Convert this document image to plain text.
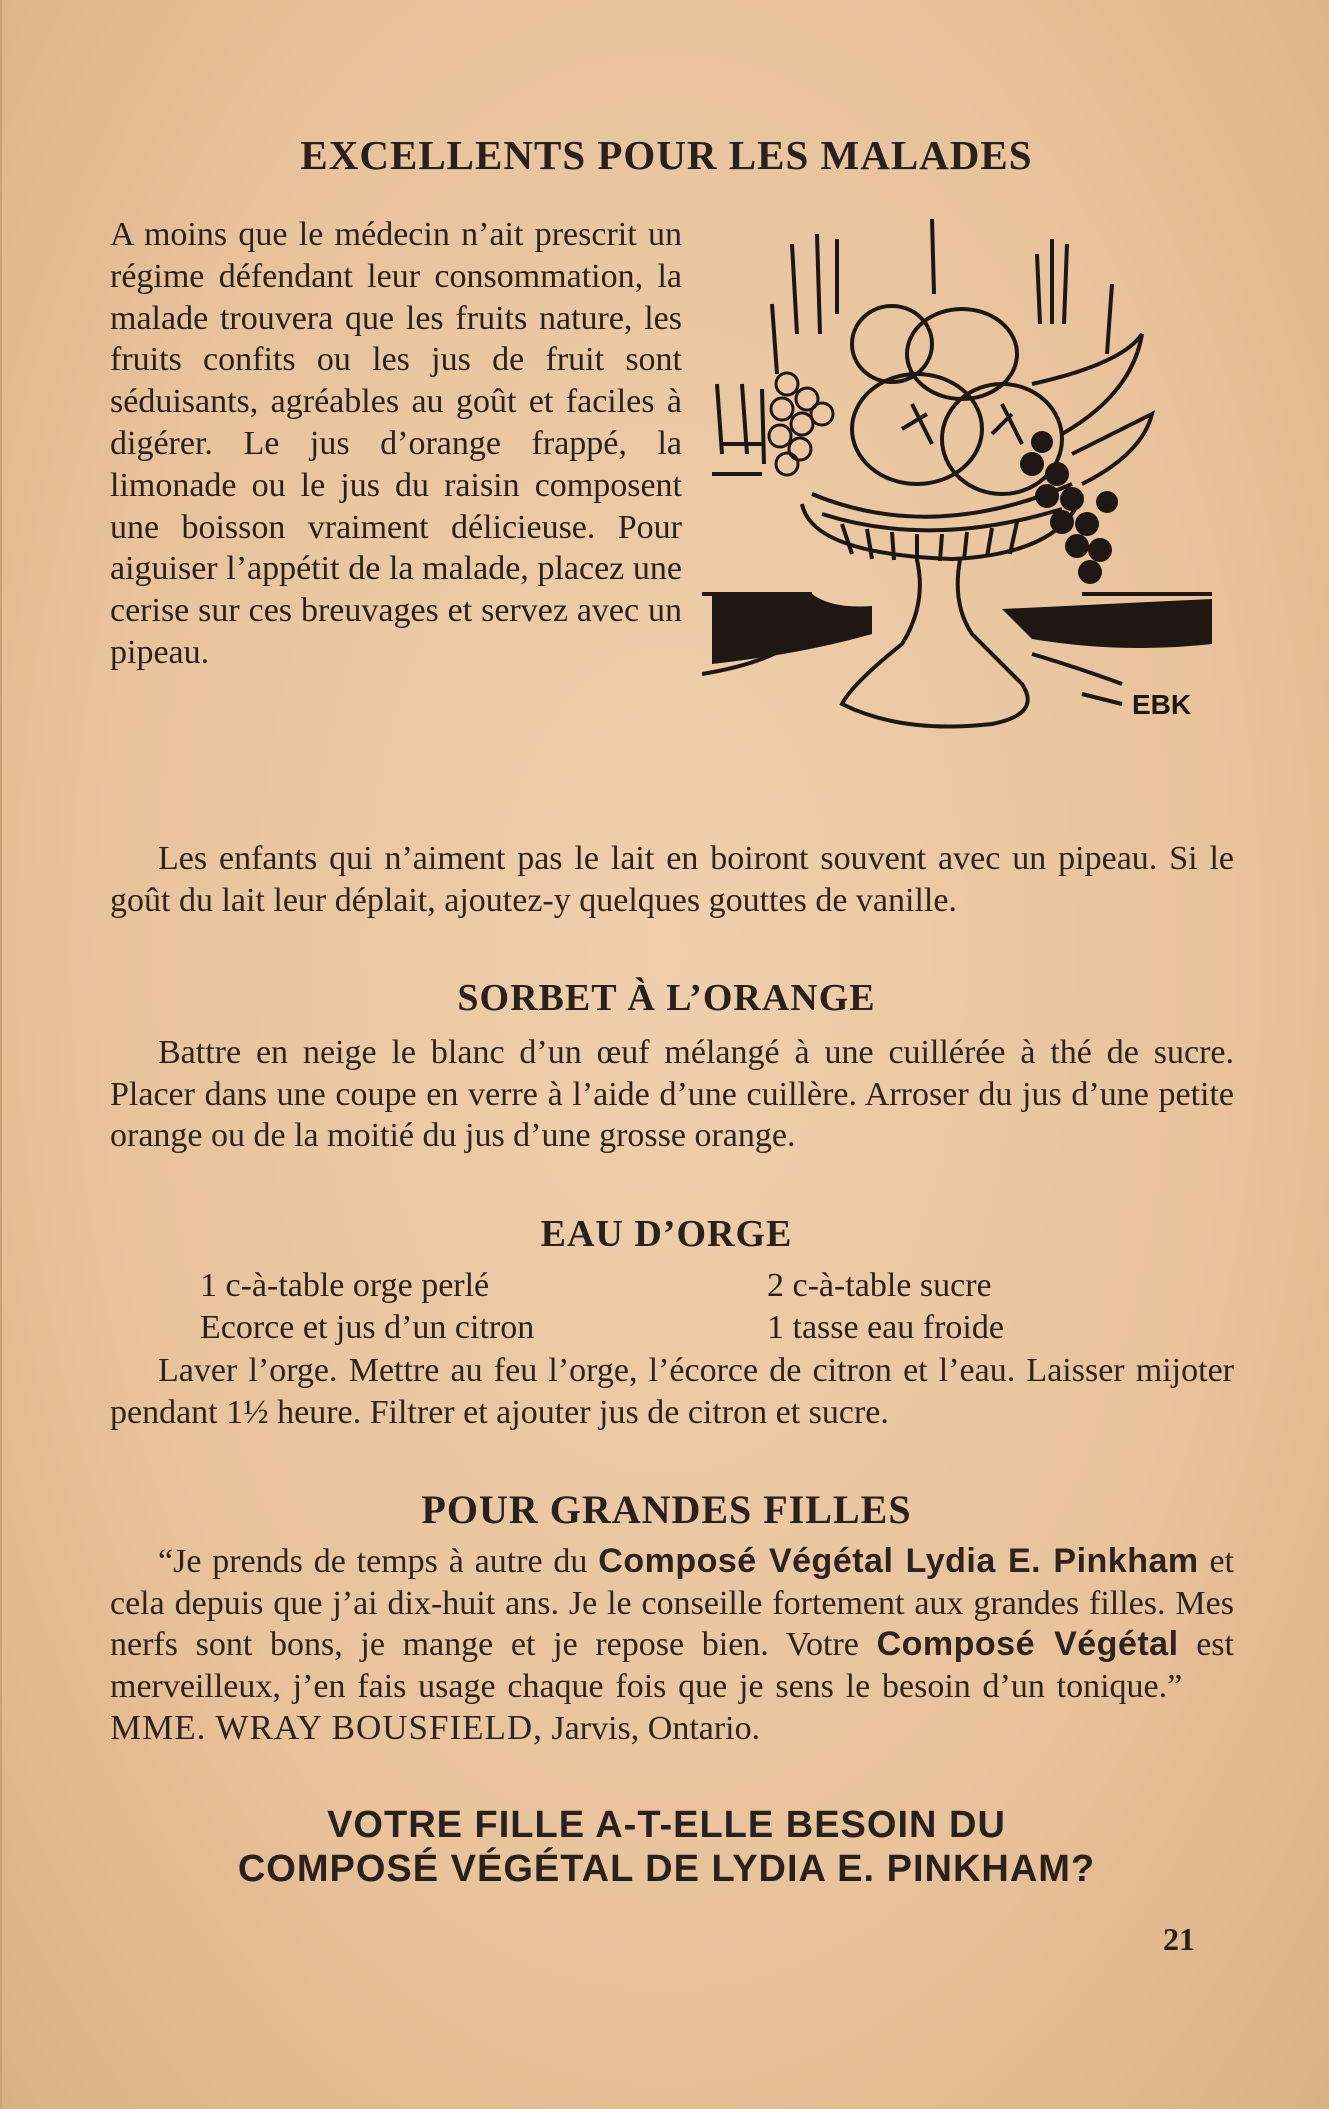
EXCELLENTS POUR LES MALADES
EBK
A moins que le médecin n’ait prescrit un régime défendant leur consommation, la malade trouvera que les fruits nature, les fruits confits ou les jus de fruit sont séduisants, agréables au goût et faciles à digérer. Le jus d’orange frappé, la limonade ou le jus du raisin composent une boisson vraiment délicieuse. Pour aiguiser l’appétit de la malade, placez une cerise sur ces breuvages et servez avec un pipeau.
Les enfants qui n’aiment pas le lait en boiront souvent avec un pipeau. Si le goût du lait leur déplait, ajoutez-y quelques gouttes de vanille.
SORBET À L’ORANGE
Battre en neige le blanc d’un œuf mélangé à une cuillérée à thé de sucre. Placer dans une coupe en verre à l’aide d’une cuillère. Arroser du jus d’une petite orange ou de la moitié du jus d’une grosse orange.
EAU D’ORGE
1 c-à-table orge perlé
Ecorce et jus d’un citron
2 c-à-table sucre
1 tasse eau froide
Laver l’orge. Mettre au feu l’orge, l’écorce de citron et l’eau. Laisser mijoter pendant 1½ heure. Filtrer et ajouter jus de citron et sucre.
POUR GRANDES FILLES
“Je prends de temps à autre du Composé Végétal Lydia E. Pinkham et cela depuis que j’ai dix-huit ans. Je le conseille fortement aux grandes filles. Mes nerfs sont bons, je mange et je repose bien. Votre Composé Végétal est merveilleux, j’en fais usage chaque fois que je sens le besoin d’un tonique.” MME. WRAY BOUSFIELD, Jarvis, Ontario.
VOTRE FILLE A-T-ELLE BESOIN DU
COMPOSÉ VÉGÉTAL DE LYDIA E. PINKHAM?
21
